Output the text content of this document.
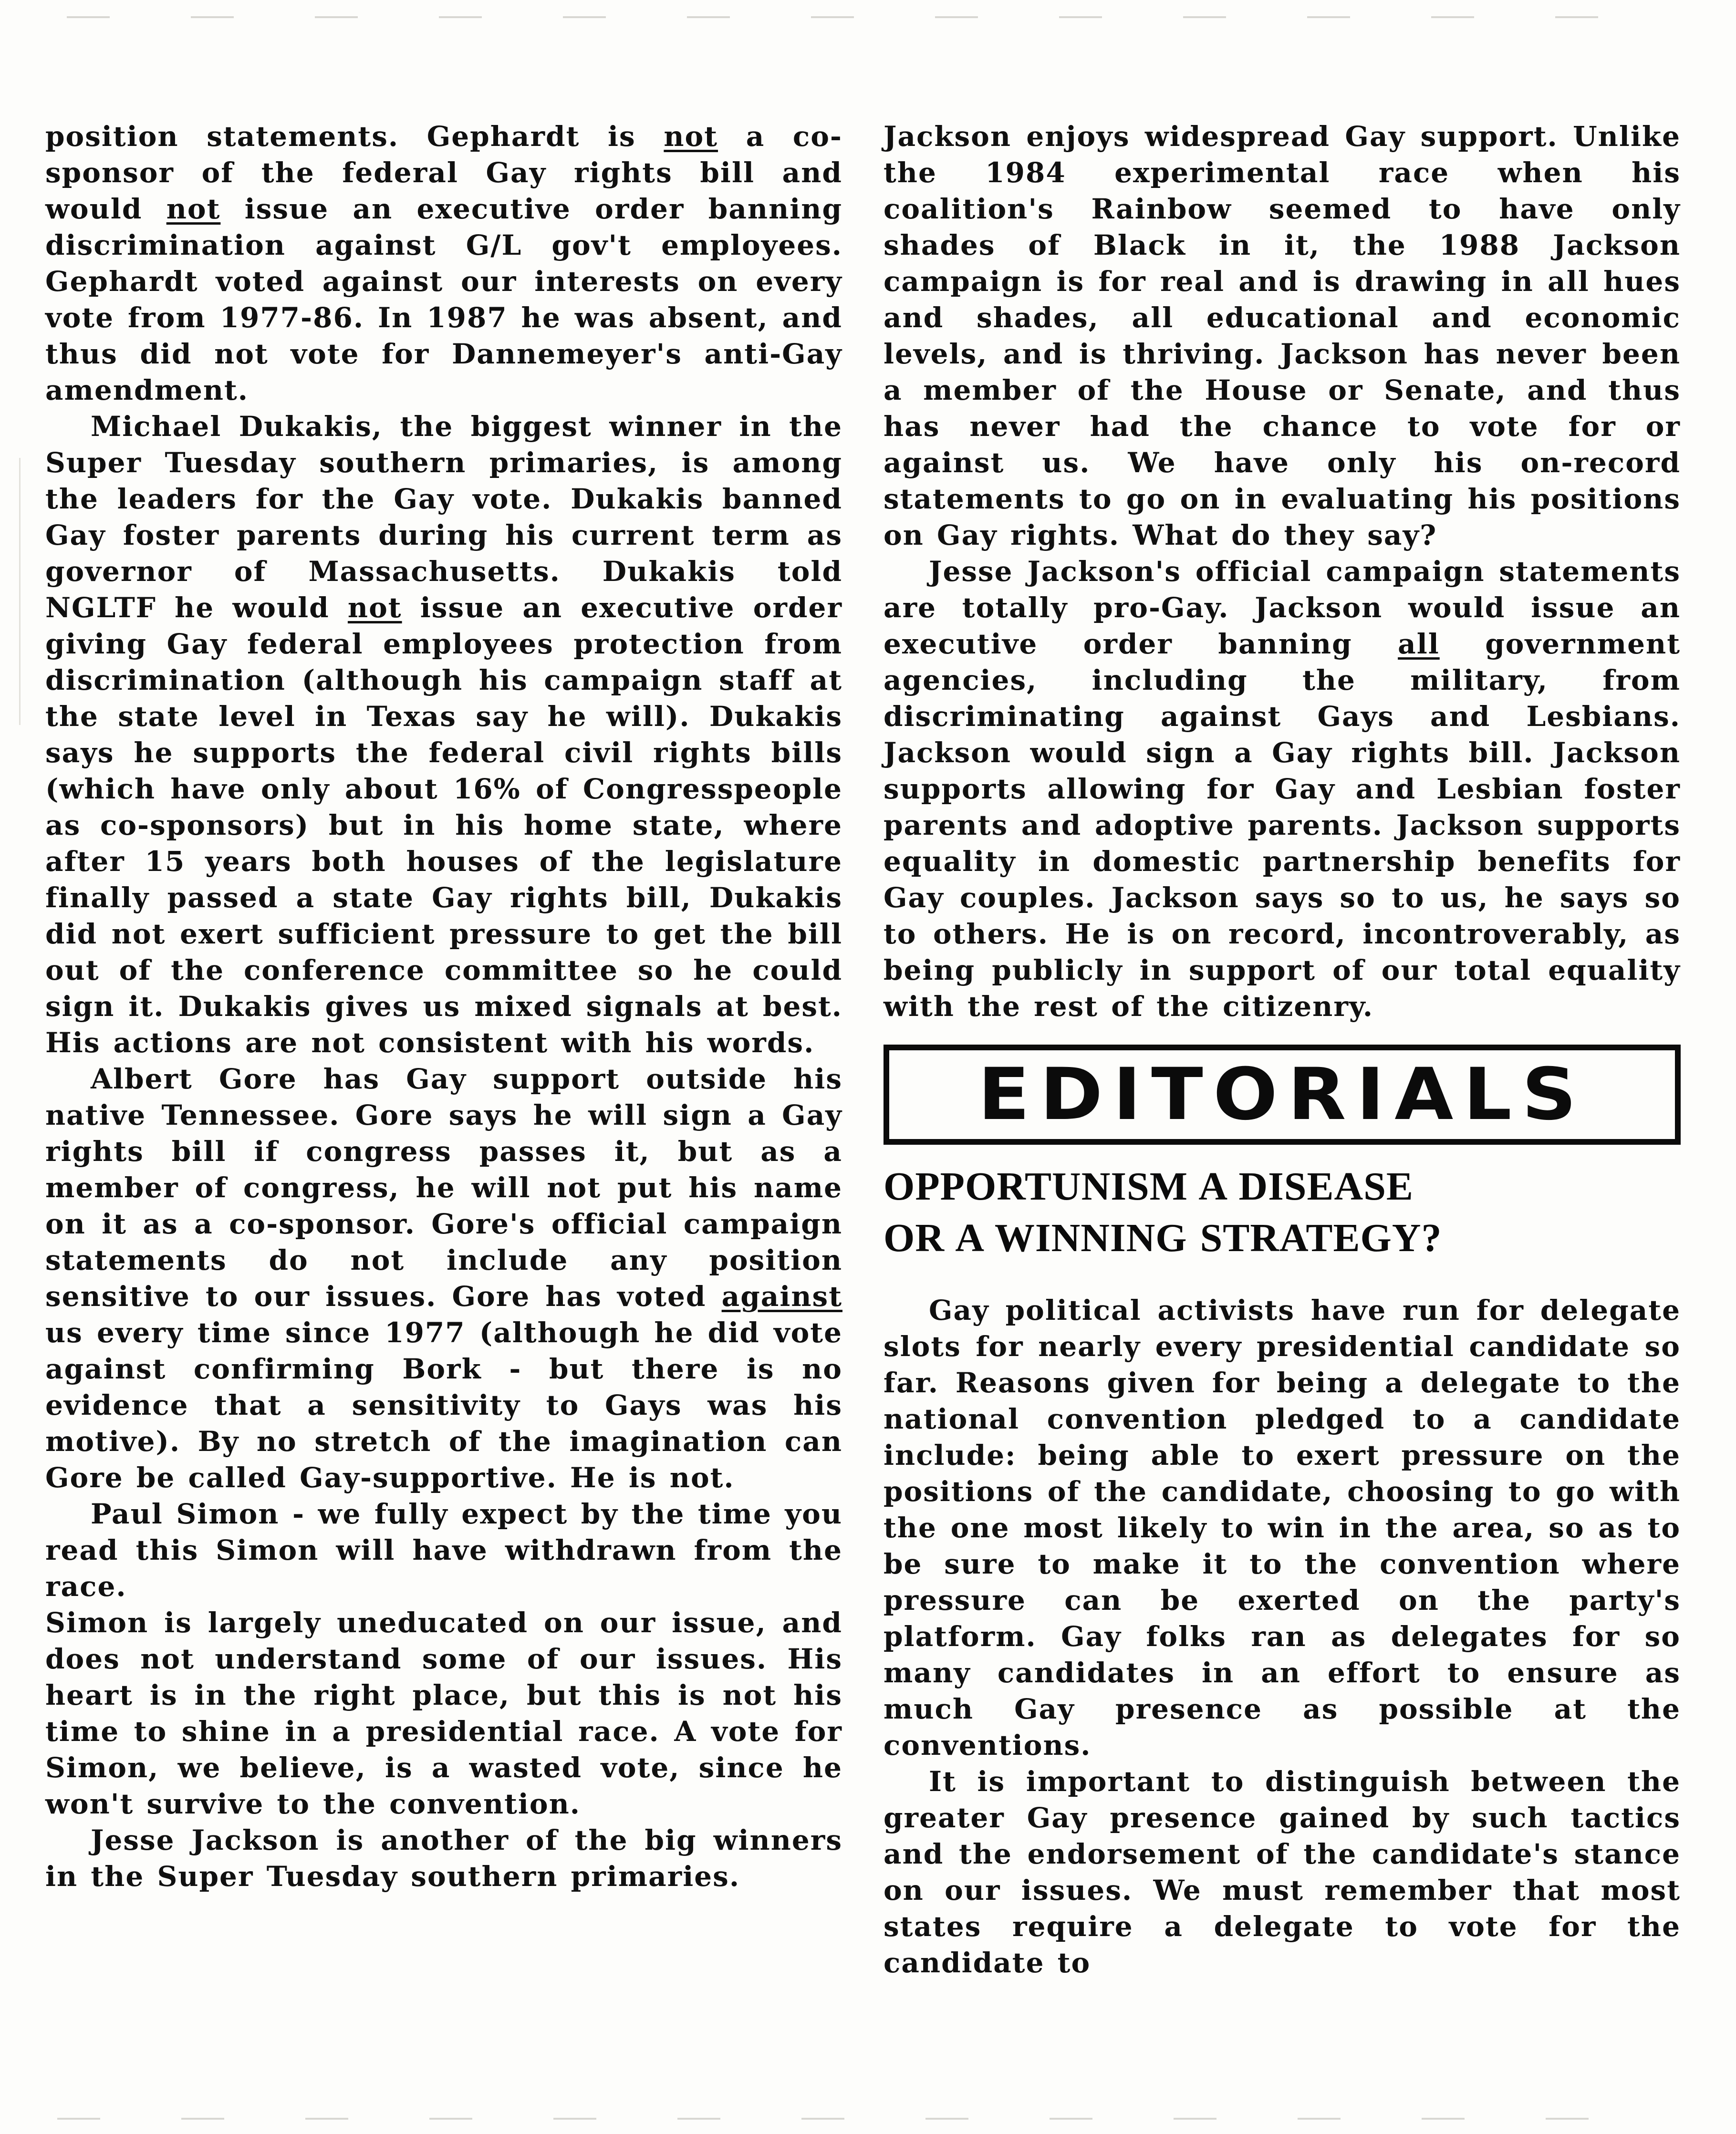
position statements. Gephardt is not a co-sponsor of the federal Gay rights bill and would not issue an executive order banning discrimination against G/L gov't employees. Gephardt voted against our interests on every vote from 1977-86. In 1987 he was absent, and thus did not vote for Dannemeyer's anti-Gay amendment.

Michael Dukakis, the biggest winner in the Super Tuesday southern primaries, is among the leaders for the Gay vote. Dukakis banned Gay foster parents during his current term as governor of Massachusetts. Dukakis told NGLTF he would not issue an executive order giving Gay federal employees protection from discrimination (although his campaign staff at the state level in Texas say he will). Dukakis says he supports the federal civil rights bills (which have only about 16% of Congresspeople as co-sponsors) but in his home state, where after 15 years both houses of the legislature finally passed a state Gay rights bill, Dukakis did not exert sufficient pressure to get the bill out of the conference committee so he could sign it. Dukakis gives us mixed signals at best. His actions are not consistent with his words.

Albert Gore has Gay support outside his native Tennessee. Gore says he will sign a Gay rights bill if congress passes it, but as a member of congress, he will not put his name on it as a co-sponsor. Gore's official campaign statements do not include any position sensitive to our issues. Gore has voted against us every time since 1977 (although he did vote against confirming Bork - but there is no evidence that a sensitivity to Gays was his motive). By no stretch of the imagination can Gore be called Gay-supportive. He is not.

Paul Simon - we fully expect by the time you read this Simon will have withdrawn from the race.

Simon is largely uneducated on our issue, and does not understand some of our issues. His heart is in the right place, but this is not his time to shine in a presidential race. A vote for Simon, we believe, is a wasted vote, since he won't survive to the convention.

Jesse Jackson is another of the big winners in the Super Tuesday southern primaries.

Jackson enjoys widespread Gay support. Unlike the 1984 experimental race when his coalition's Rainbow seemed to have only shades of Black in it, the 1988 Jackson campaign is for real and is drawing in all hues and shades, all educational and economic levels, and is thriving. Jackson has never been a member of the House or Senate, and thus has never had the chance to vote for or against us. We have only his on-record statements to go on in evaluating his positions on Gay rights. What do they say?

Jesse Jackson's official campaign statements are totally pro-Gay. Jackson would issue an executive order banning all government agencies, including the military, from discriminating against Gays and Lesbians. Jackson would sign a Gay rights bill. Jackson supports allowing for Gay and Lesbian foster parents and adoptive parents. Jackson supports equality in domestic partnership benefits for Gay couples. Jackson says so to us, he says so to others. He is on record, incontroverably, as being publicly in support of our total equality with the rest of the citizenry.

EDITORIALS
OPPORTUNISM A DISEASE
OR A WINNING STRATEGY?

Gay political activists have run for delegate slots for nearly every presidential candidate so far. Reasons given for being a delegate to the national convention pledged to a candidate include: being able to exert pressure on the positions of the candidate, choosing to go with the one most likely to win in the area, so as to be sure to make it to the convention where pressure can be exerted on the party's platform. Gay folks ran as delegates for so many candidates in an effort to ensure as much Gay presence as possible at the conventions.

It is important to distinguish between the greater Gay presence gained by such tactics and the endorsement of the candidate's stance on our issues. We must remember that most states require a delegate to vote for the candidate to
